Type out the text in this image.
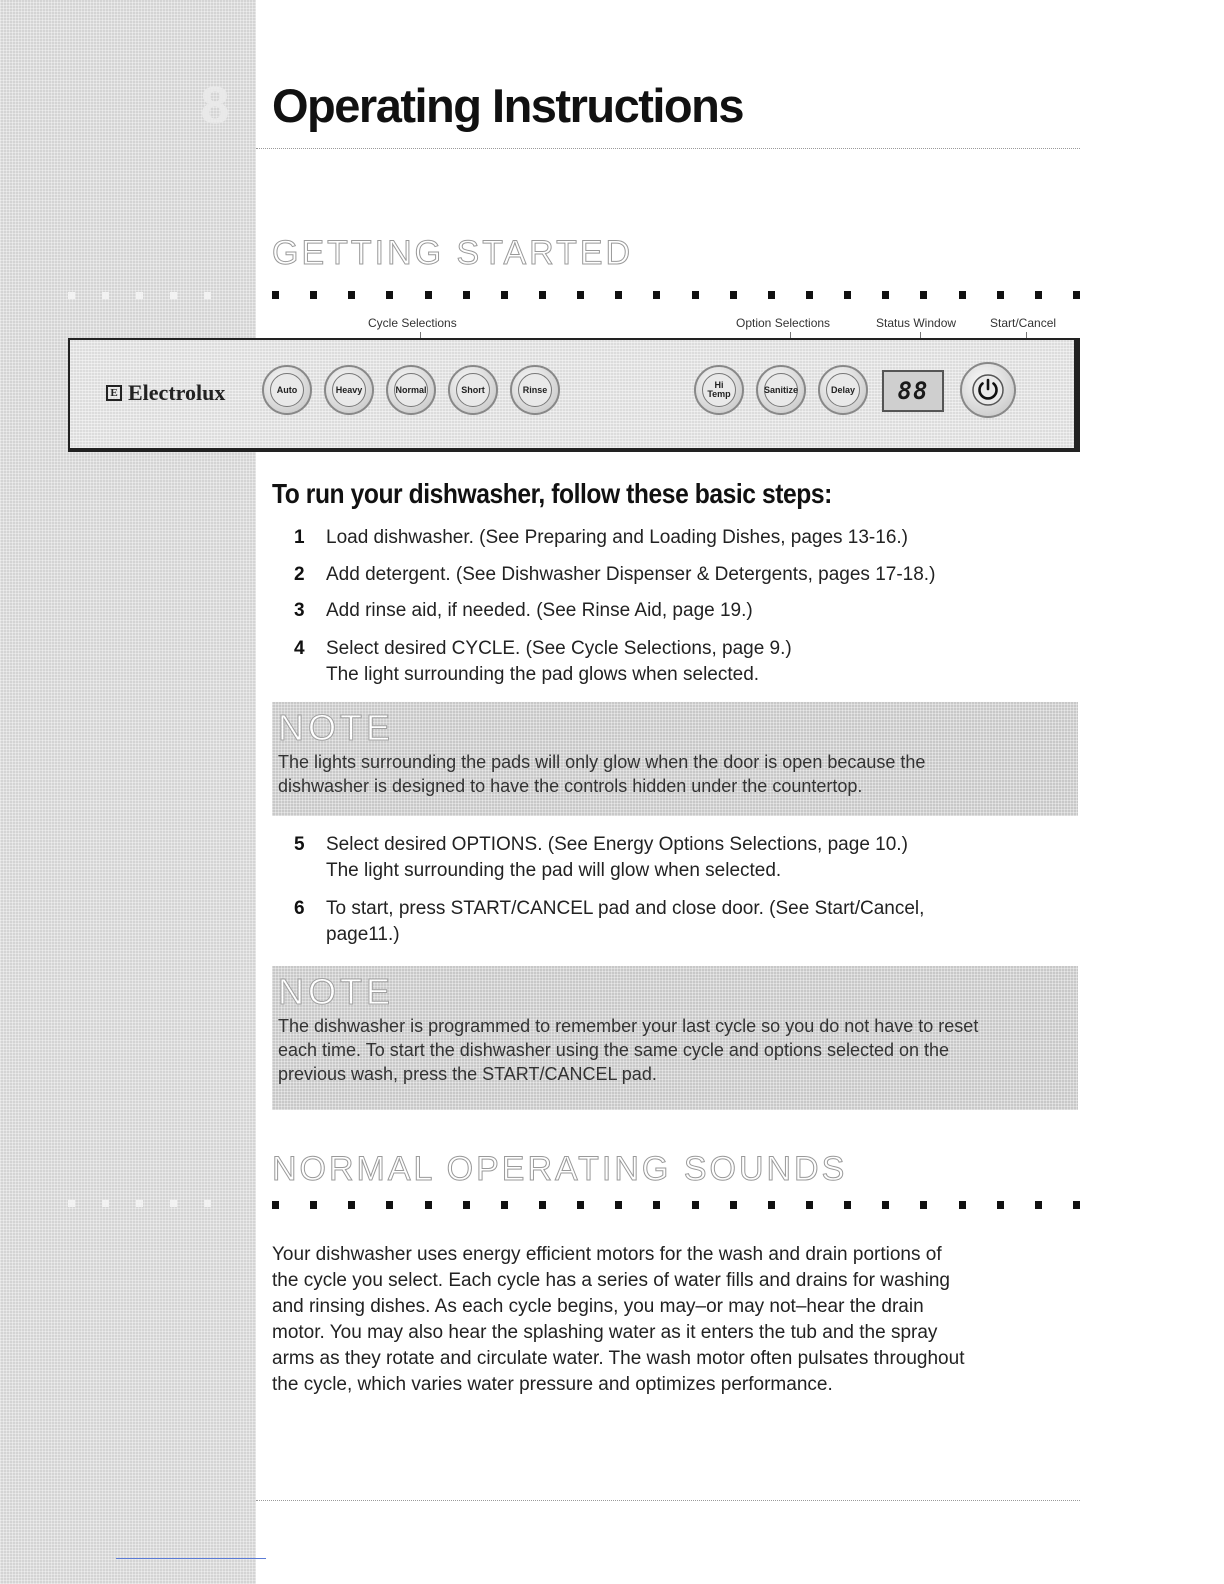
8 Operating Instructions
GETTING STARTED
Cycle Selections	Option Selections	Status Window	Start/Cancel
E Electrolux	Auto	Heavy	Normal	Short	Rinse	Hi Temp	Sanitize	Delay 88
To run your dishwasher, follow these basic steps:
1 Load dishwasher. (See Preparing and Loading Dishes, pages 13-16.)
2 Add detergent. (See Dishwasher Dispenser & Detergents, pages 17-18.)
3 Add rinse aid, if needed. (See Rinse Aid, page 19.)
4 Select desired CYCLE. (See Cycle Selections, page 9.)
The light surrounding the pad glows when selected.
NOTE
The lights surrounding the pads will only glow when the door is open because the
dishwasher is designed to have the controls hidden under the countertop.
5 Select desired OPTIONS. (See Energy Options Selections, page 10.)
The light surrounding the pad will glow when selected.
6 To start, press START/CANCEL pad and close door. (See Start/Cancel,
page11.)
NOTE
The dishwasher is programmed to remember your last cycle so you do not have to reset
each time. To start the dishwasher using the same cycle and options selected on the
previous wash, press the START/CANCEL pad.
NORMAL OPERATING SOUNDS
Your dishwasher uses energy efficient motors for the wash and drain portions of
the cycle you select. Each cycle has a series of water fills and drains for washing
and rinsing dishes. As each cycle begins, you may–or may not–hear the drain
motor. You may also hear the splashing water as it enters the tub and the spray
arms as they rotate and circulate water. The wash motor often pulsates throughout
the cycle, which varies water pressure and optimizes performance.
